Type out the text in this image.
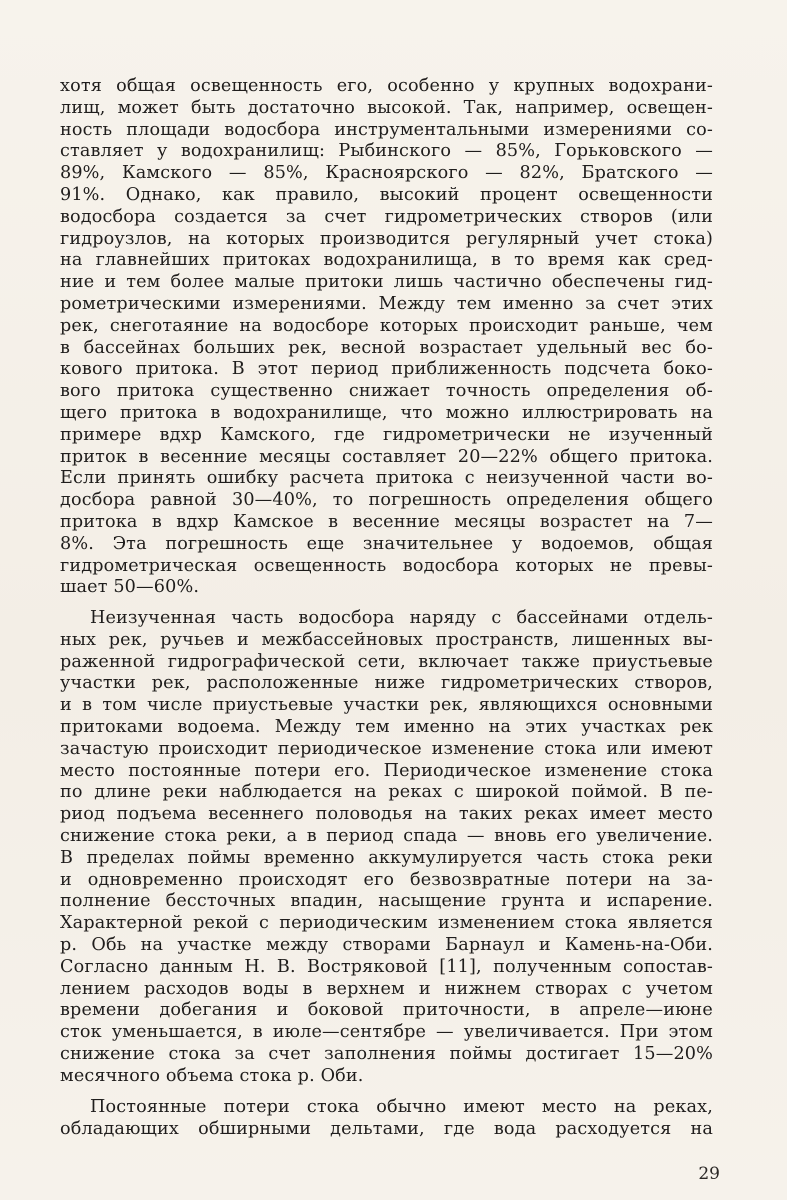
хотя общая освещенность его, особенно у крупных водохрани-
лищ, может быть достаточно высокой. Так, например, освещен-
ность площади водосбора инструментальными измерениями со-
ставляет у водохранилищ: Рыбинского — 85%, Горьковского —
89%, Камского — 85%, Красноярского — 82%, Братского —
91%. Однако, как правило, высокий процент освещенности
водосбора создается за счет гидрометрических створов (или
гидроузлов, на которых производится регулярный учет стока)
на главнейших притоках водохранилища, в то время как сред-
ние и тем более малые притоки лишь частично обеспечены гид-
рометрическими измерениями. Между тем именно за счет этих
рек, снеготаяние на водосборе которых происходит раньше, чем
в бассейнах больших рек, весной возрастает удельный вес бо-
кового притока. В этот период приближенность подсчета боко-
вого притока существенно снижает точность определения об-
щего притока в водохранилище, что можно иллюстрировать на
примере вдхр Камского, где гидрометрически не изученный
приток в весенние месяцы составляет 20—22% общего притока.
Если принять ошибку расчета притока с неизученной части во-
досбора равной 30—40%, то погрешность определения общего
притока в вдхр Камское в весенние месяцы возрастет на 7—
8%. Эта погрешность еще значительнее у водоемов, общая
гидрометрическая освещенность водосбора которых не превы-
шает 50—60%.
Неизученная часть водосбора наряду с бассейнами отдель-
ных рек, ручьев и межбассейновых пространств, лишенных вы-
раженной гидрографической сети, включает также приустьевые
участки рек, расположенные ниже гидрометрических створов,
и в том числе приустьевые участки рек, являющихся основными
притоками водоема. Между тем именно на этих участках рек
зачастую происходит периодическое изменение стока или имеют
место постоянные потери его. Периодическое изменение стока
по длине реки наблюдается на реках с широкой поймой. В пе-
риод подъема весеннего половодья на таких реках имеет место
снижение стока реки, а в период спада — вновь его увеличение.
В пределах поймы временно аккумулируется часть стока реки
и одновременно происходят его безвозвратные потери на за-
полнение бессточных впадин, насыщение грунта и испарение.
Характерной рекой с периодическим изменением стока является
р. Обь на участке между створами Барнаул и Камень-на-Оби.
Согласно данным Н. В. Востряковой [11], полученным сопостав-
лением расходов воды в верхнем и нижнем створах с учетом
времени добегания и боковой приточности, в апреле—июне
сток уменьшается, в июле—сентябре — увеличивается. При этом
снижение стока за счет заполнения поймы достигает 15—20%
месячного объема стока р. Оби.
Постоянные потери стока обычно имеют место на реках,
обладающих обширными дельтами, где вода расходуется на
29
